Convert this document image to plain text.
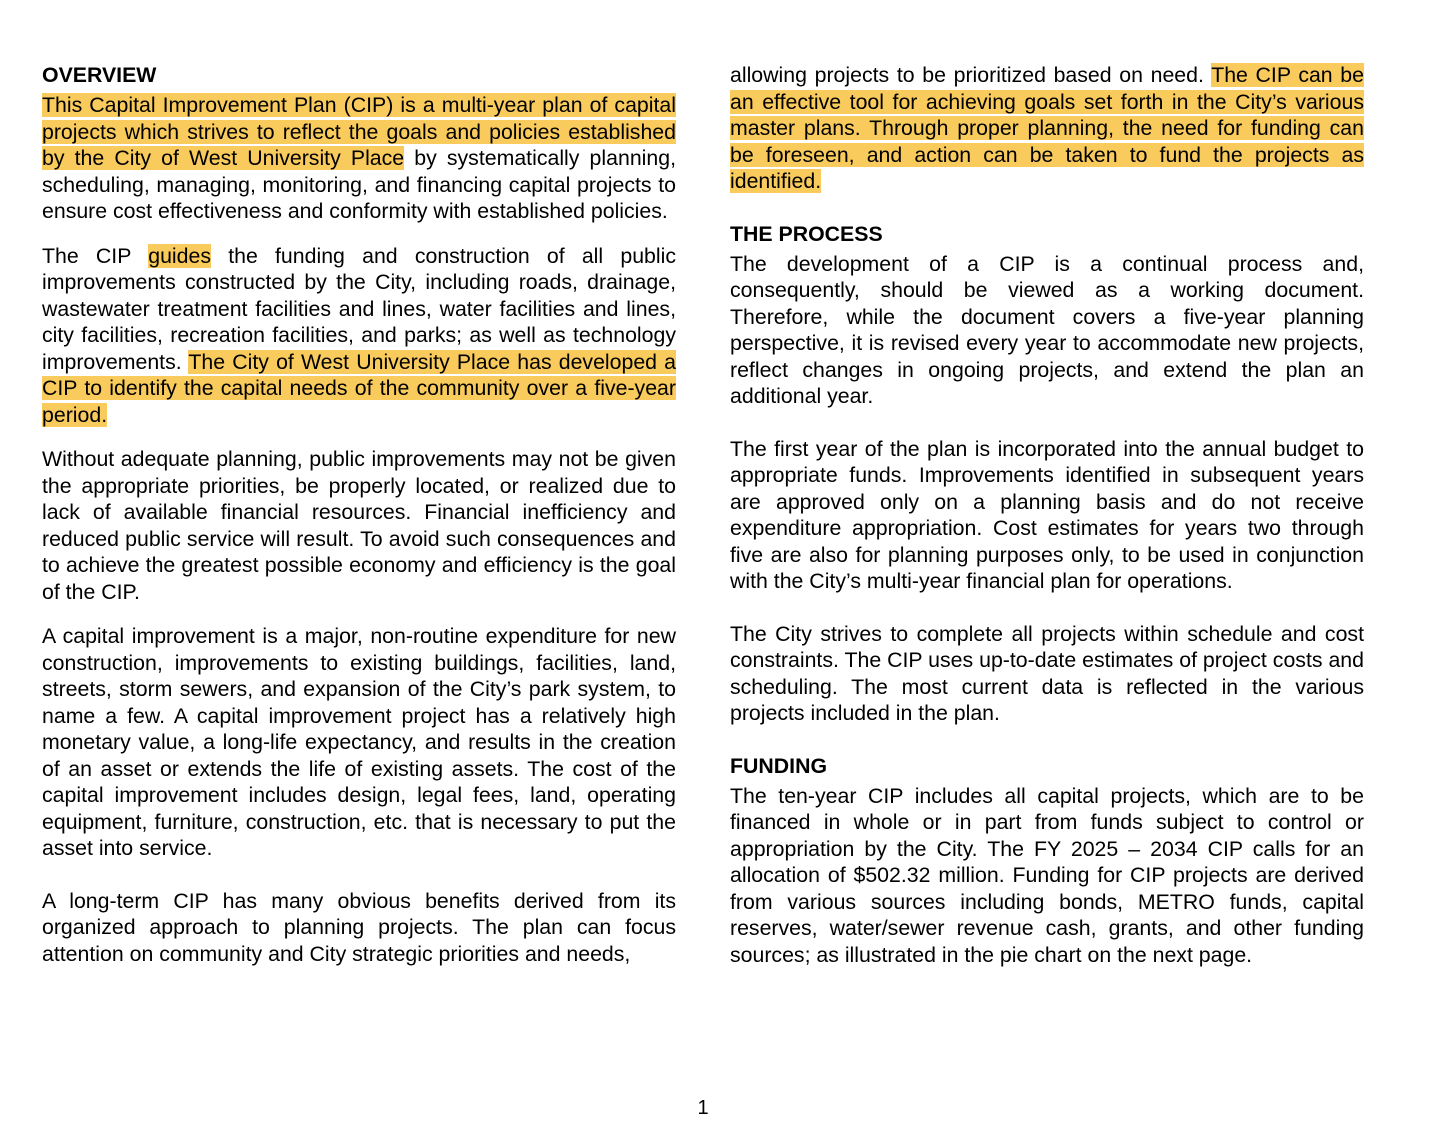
OVERVIEW

This Capital Improvement Plan (CIP) is a multi-year plan of capital projects which strives to reflect the goals and policies established by the City of West University Place by systematically planning, scheduling, managing, monitoring, and financing capital projects to ensure cost effectiveness and conformity with established policies.

The CIP guides the funding and construction of all public improvements constructed by the City, including roads, drainage, wastewater treatment facilities and lines, water facilities and lines, city facilities, recreation facilities, and parks; as well as technology improvements. The City of West University Place has developed a CIP to identify the capital needs of the community over a five-year period.

Without adequate planning, public improvements may not be given the appropriate priorities, be properly located, or realized due to lack of available financial resources. Financial inefficiency and reduced public service will result. To avoid such consequences and to achieve the greatest possible economy and efficiency is the goal of the CIP.

A capital improvement is a major, non-routine expenditure for new construction, improvements to existing buildings, facilities, land, streets, storm sewers, and expansion of the City’s park system, to name a few. A capital improvement project has a relatively high monetary value, a long-life expectancy, and results in the creation of an asset or extends the life of existing assets. The cost of the capital improvement includes design, legal fees, land, operating equipment, furniture, construction, etc. that is necessary to put the asset into service.

A long-term CIP has many obvious benefits derived from its organized approach to planning projects. The plan can focus attention on community and City strategic priorities and needs,

allowing projects to be prioritized based on need. The CIP can be an effective tool for achieving goals set forth in the City’s various master plans. Through proper planning, the need for funding can be foreseen, and action can be taken to fund the projects as identified.

THE PROCESS

The development of a CIP is a continual process and, consequently, should be viewed as a working document. Therefore, while the document covers a five-year planning perspective, it is revised every year to accommodate new projects, reflect changes in ongoing projects, and extend the plan an additional year.

The first year of the plan is incorporated into the annual budget to appropriate funds. Improvements identified in subsequent years are approved only on a planning basis and do not receive expenditure appropriation. Cost estimates for years two through five are also for planning purposes only, to be used in conjunction with the City’s multi-year financial plan for operations.

The City strives to complete all projects within schedule and cost constraints. The CIP uses up-to-date estimates of project costs and scheduling. The most current data is reflected in the various projects included in the plan.

FUNDING

The ten-year CIP includes all capital projects, which are to be financed in whole or in part from funds subject to control or appropriation by the City. The FY 2025 – 2034 CIP calls for an allocation of $502.32 million. Funding for CIP projects are derived from various sources including bonds, METRO funds, capital reserves, water/sewer revenue cash, grants, and other funding sources; as illustrated in the pie chart on the next page.

1
